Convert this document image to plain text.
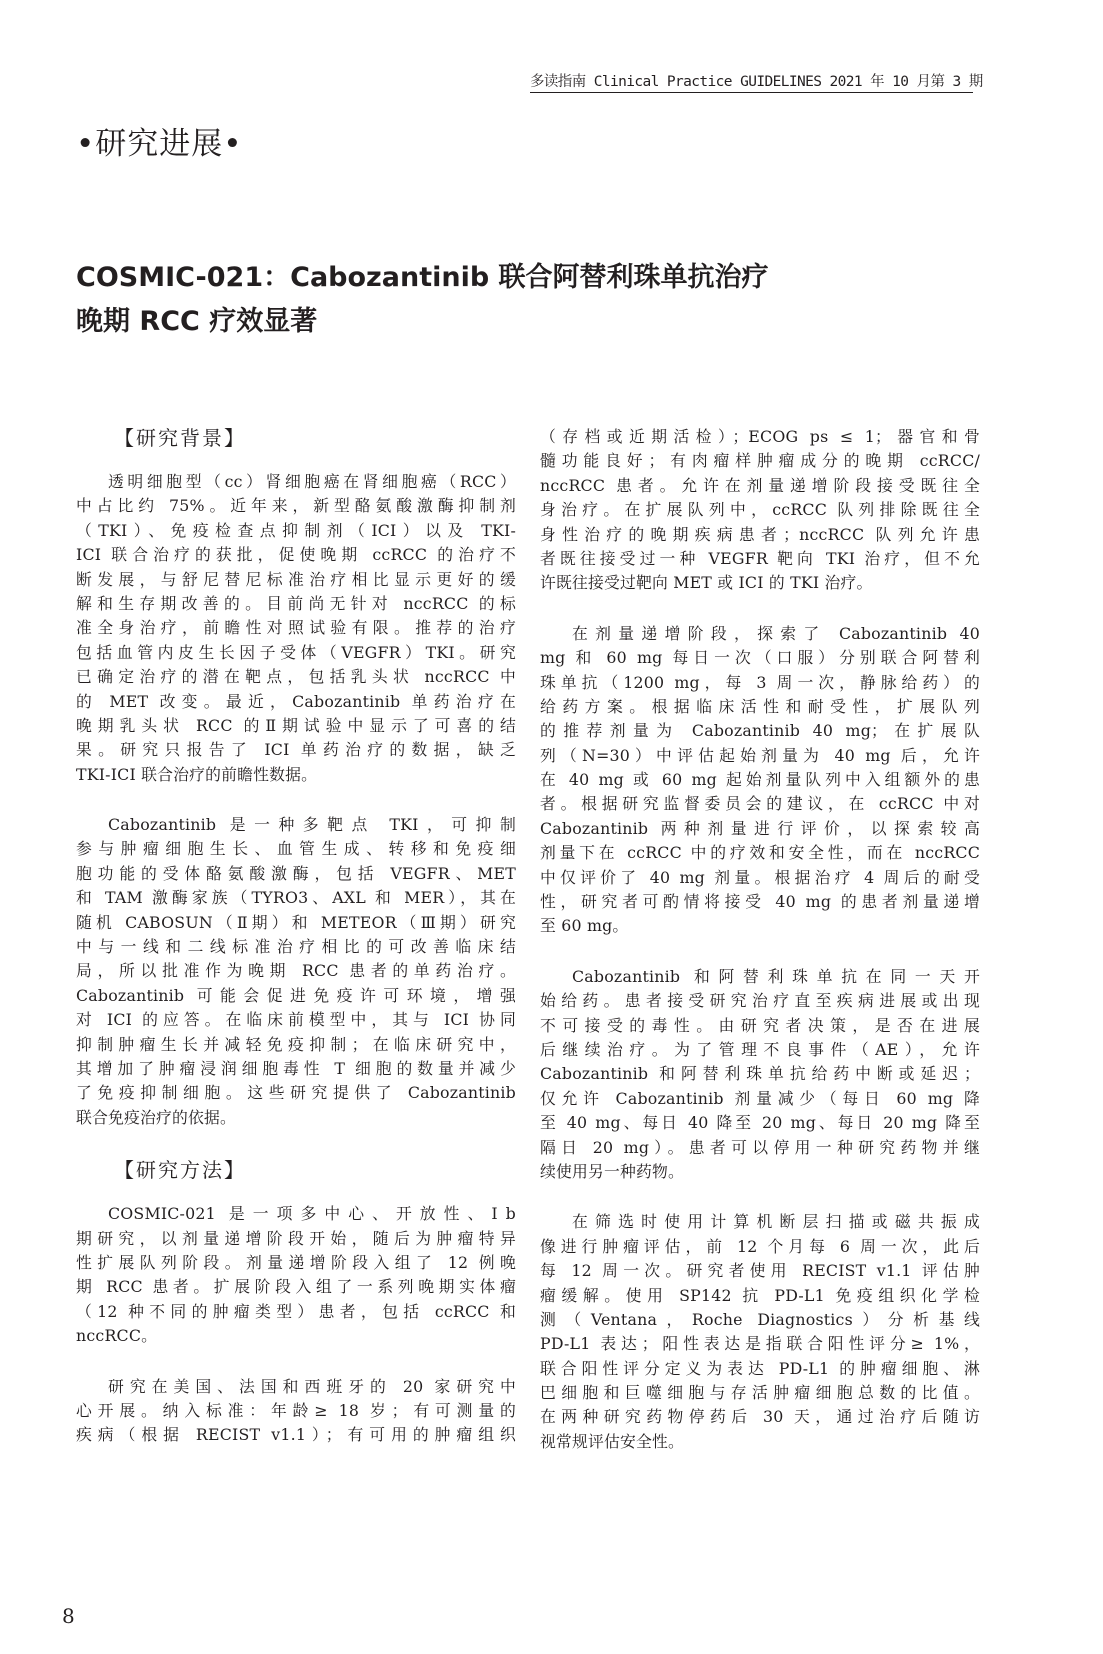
多读指南 Clinical Practice GUIDELINES 2021 年 10 月第 3 期
•研究进展•
COSMIC-021：Cabozantinib 联合阿替利珠单抗治疗
晚期 RCC 疗效显著
【研究背景】
透明细胞型（cc）肾细胞癌在肾细胞癌（RCC）
中占比约 75%。近年来，新型酪氨酸激酶抑制剂
（TKI）、免疫检查点抑制剂（ICI）以及 TKI-
ICI 联合治疗的获批，促使晚期 ccRCC 的治疗不
断发展，与舒尼替尼标准治疗相比显示更好的缓
解和生存期改善的。目前尚无针对 nccRCC 的标
准全身治疗，前瞻性对照试验有限。推荐的治疗
包括血管内皮生长因子受体（VEGFR）TKI。研究
已确定治疗的潜在靶点，包括乳头状 nccRCC 中
的 MET 改变。最近，Cabozantinib 单药治疗在
晚期乳头状 RCC 的Ⅱ期试验中显示了可喜的结
果。研究只报告了 ICI 单药治疗的数据，缺乏
TKI-ICI 联合治疗的前瞻性数据。
Cabozantinib 是一种多靶点 TKI，可抑制
参与肿瘤细胞生长、血管生成、转移和免疫细
胞功能的受体酪氨酸激酶，包括 VEGFR、MET
和 TAM 激酶家族（TYRO3、AXL 和 MER），其在
随机 CABOSUN（Ⅱ期）和 METEOR（Ⅲ期）研究
中与一线和二线标准治疗相比的可改善临床结
局，所以批准作为晚期 RCC 患者的单药治疗。
Cabozantinib 可能会促进免疫许可环境，增强
对 ICI 的应答。在临床前模型中，其与 ICI 协同
抑制肿瘤生长并减轻免疫抑制；在临床研究中，
其增加了肿瘤浸润细胞毒性 T 细胞的数量并减少
了免疫抑制细胞。这些研究提供了 Cabozantinib
联合免疫治疗的依据。
【研究方法】
COSMIC-021 是一项多中心、开放性、Ⅰb
期研究，以剂量递增阶段开始，随后为肿瘤特异
性扩展队列阶段。剂量递增阶段入组了 12 例晚
期 RCC 患者。扩展阶段入组了一系列晚期实体瘤
（12 种不同的肿瘤类型）患者，包括 ccRCC 和
nccRCC。
研究在美国、法国和西班牙的 20 家研究中
心开展。纳入标准：年龄≥ 18 岁；有可测量的
疾病（根据 RECIST v1.1）；有可用的肿瘤组织
（存档或近期活检）；ECOG ps ≤ 1；器官和骨
髓功能良好；有肉瘤样肿瘤成分的晚期 ccRCC/
nccRCC 患者。允许在剂量递增阶段接受既往全
身治疗。在扩展队列中，ccRCC 队列排除既往全
身性治疗的晚期疾病患者；nccRCC 队列允许患
者既往接受过一种 VEGFR 靶向 TKI 治疗，但不允
许既往接受过靶向 MET 或 ICI 的 TKI 治疗。
在剂量递增阶段，探索了 Cabozantinib 40
mg 和 60 mg 每日一次（口服）分别联合阿替利
珠单抗（1200 mg，每 3 周一次，静脉给药）的
给药方案。根据临床活性和耐受性，扩展队列
的推荐剂量为 Cabozantinib 40 mg；在扩展队
列（N=30）中评估起始剂量为 40 mg 后，允许
在 40 mg 或 60 mg 起始剂量队列中入组额外的患
者。根据研究监督委员会的建议，在 ccRCC 中对
Cabozantinib 两种剂量进行评价，以探索较高
剂量下在 ccRCC 中的疗效和安全性，而在 nccRCC
中仅评价了 40 mg 剂量。根据治疗 4 周后的耐受
性，研究者可酌情将接受 40 mg 的患者剂量递增
至 60 mg。
Cabozantinib 和阿替利珠单抗在同一天开
始给药。患者接受研究治疗直至疾病进展或出现
不可接受的毒性。由研究者决策，是否在进展
后继续治疗。为了管理不良事件（AE），允许
Cabozantinib 和阿替利珠单抗给药中断或延迟；
仅允许 Cabozantinib 剂量减少（每日 60 mg 降
至 40 mg、每日 40 降至 20 mg、每日 20 mg 降至
隔日 20 mg）。患者可以停用一种研究药物并继
续使用另一种药物。
在筛选时使用计算机断层扫描或磁共振成
像进行肿瘤评估，前 12 个月每 6 周一次，此后
每 12 周一次。研究者使用 RECIST v1.1 评估肿
瘤缓解。使用 SP142 抗 PD-L1 免疫组织化学检
测（Ventana，Roche Diagnostics）分析基线
PD-L1 表达；阳性表达是指联合阳性评分≥ 1%，
联合阳性评分定义为表达 PD-L1 的肿瘤细胞、淋
巴细胞和巨噬细胞与存活肿瘤细胞总数的比值。
在两种研究药物停药后 30 天，通过治疗后随访
视常规评估安全性。
8
